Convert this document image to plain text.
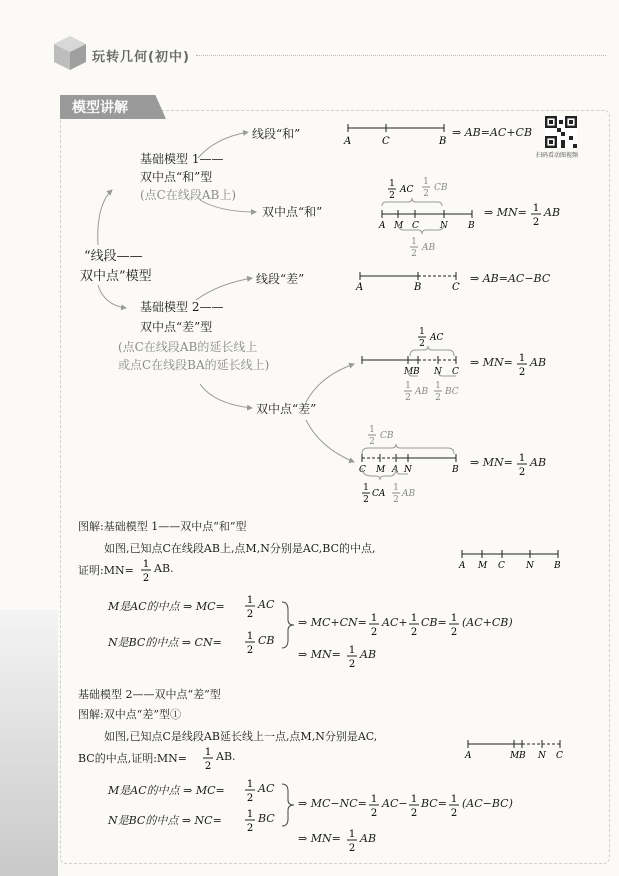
玩转几何(初中)
模型讲解
扫码看动图视频
基础模型 1——
双中点“和”型
(点C在线段AB上)
“线段——
双中点”模型
基础模型 2——
双中点“差”型
(点C在线段AB的延长线上
或点C在线段BA的延长线上)
线段“和”
双中点“和”
线段“差”
双中点“差”
A	C	B
⇒ AB=AC+CB
1
2
AC
1
2
CB
A M C N B
1
2
AB
⇒ MN= 1
2
AB
A	B	C
⇒ AB=AC−BC
1
2
AC
M B N C
1
2
AB
1
2
BC
⇒ MN= 1
2
AB
1
2
CB
C M A N	B
1
2
CA
1
2
AB
⇒ MN= 1
2
AB
图解:基础模型 1——双中点“和”型
如图,已知点C在线段AB上,点M,N分别是AC,BC的中点,
证明:MN= 1
2
AB.	A M C N B
M是AC的中点 ⇒ MC= 1
2
AC
N是BC的中点 ⇒ CN=	1
2
CB
⇒ MC+CN= 1
2
AC+ 1
2
CB= 1
2
(AC+CB)
⇒ MN= 1
2
AB
基础模型 2——双中点“差”型
图解:双中点“差”型①
如图,已知点C是线段AB延长线上一点,点M,N分别是AC,
BC的中点,证明:MN= 1
2
AB.	A	M B N C
M是AC的中点 ⇒ MC= 1
2
AC
N是BC的中点 ⇒ NC=	1
2
BC
⇒ MC−NC= 1
2
AC− 1
2
BC= 1
2
(AC−BC)
⇒ MN= 1
2
AB
